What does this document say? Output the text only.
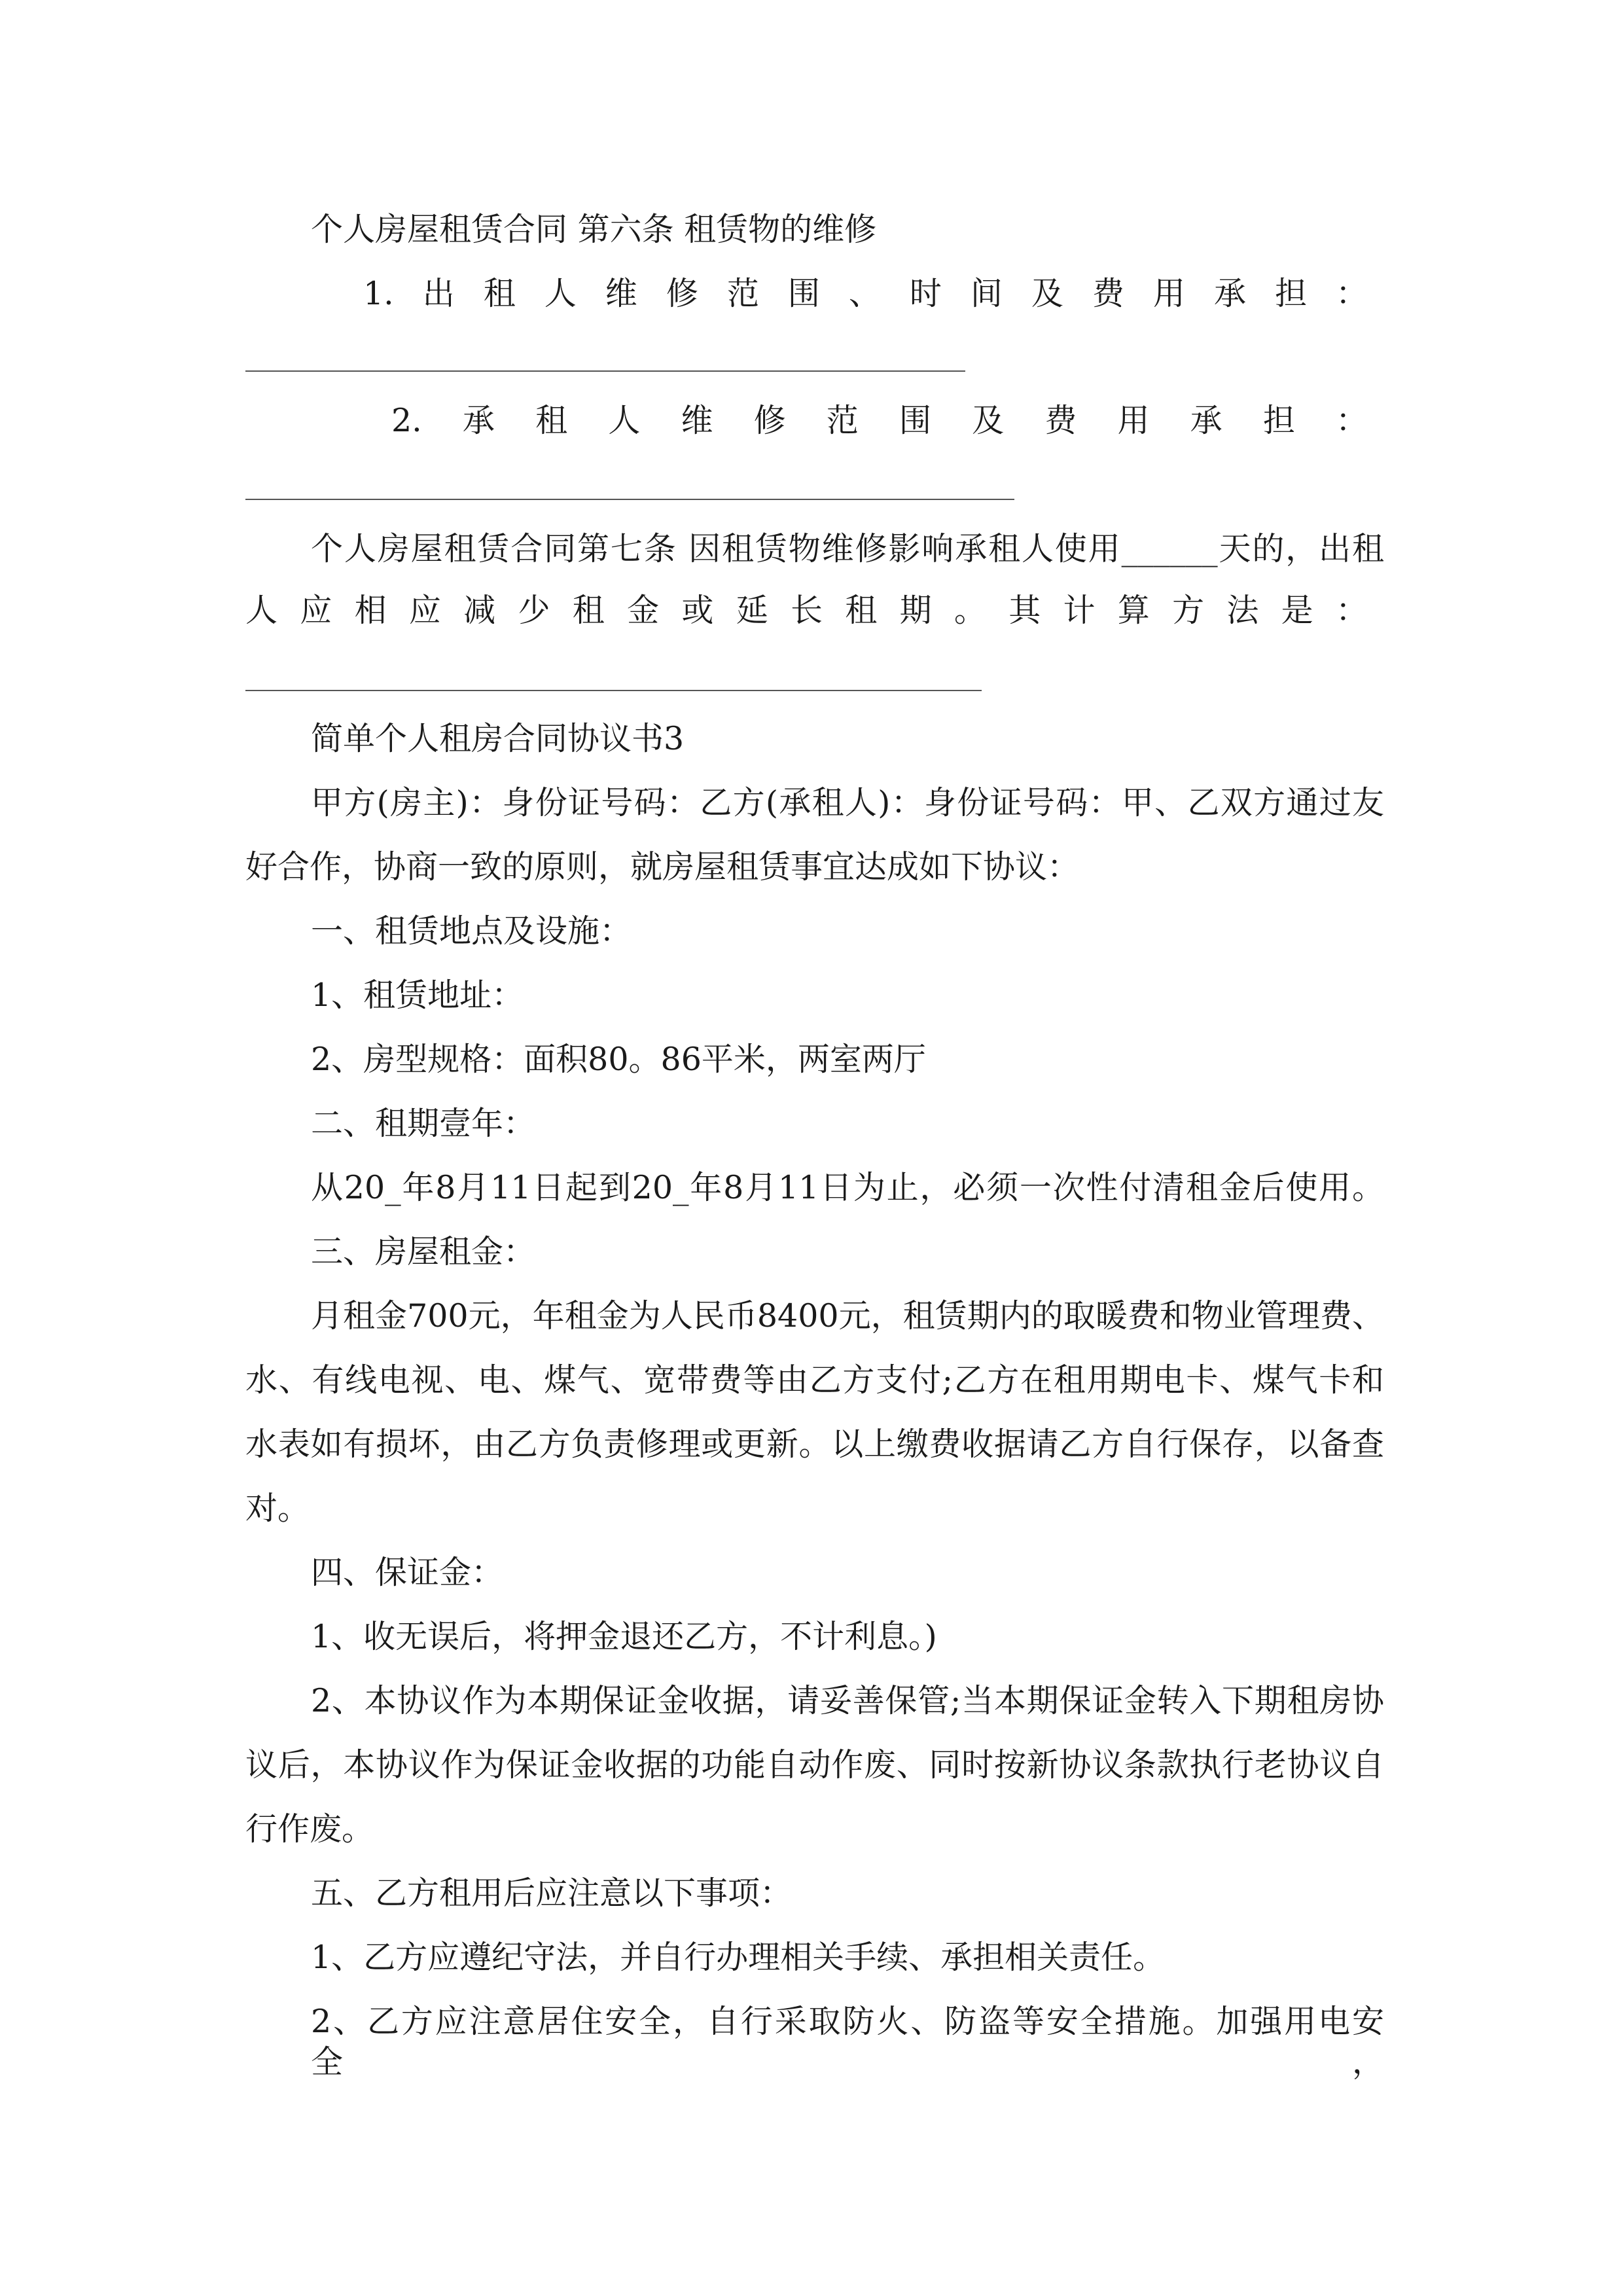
个人房屋租赁合同 第六条 租赁物的维修
1.出租人维修范围、时间及费用承担：
2.承租人维修范围及费用承担：
个人房屋租赁合同第七条 因租赁物维修影响承租人使用______天的，出租
人应相应减少租金或延长租期。其计算方法是：
简单个人租房合同协议书3
甲方(房主)：身份证号码：乙方(承租人)：身份证号码：甲、乙双方通过友
好合作，协商一致的原则，就房屋租赁事宜达成如下协议：
一、租赁地点及设施：
1、租赁地址：
2、房型规格：面积80。86平米，两室两厅
二、租期壹年：
从20_年8月11日起到20_年8月11日为止，必须一次性付清租金后使用。
三、房屋租金：
月租金700元，年租金为人民币8400元，租赁期内的取暖费和物业管理费、
水、有线电视、电、煤气、宽带费等由乙方支付;乙方在租用期电卡、煤气卡和
水表如有损坏，由乙方负责修理或更新。以上缴费收据请乙方自行保存，以备查
对。
四、保证金：
1、收无误后，将押金退还乙方，不计利息。)
2、本协议作为本期保证金收据，请妥善保管;当本期保证金转入下期租房协
议后，本协议作为保证金收据的功能自动作废、同时按新协议条款执行老协议自
行作废。
五、乙方租用后应注意以下事项：
1、乙方应遵纪守法，并自行办理相关手续、承担相关责任。
2、乙方应注意居住安全，自行采取防火、防盗等安全措施。加强用电安全，
